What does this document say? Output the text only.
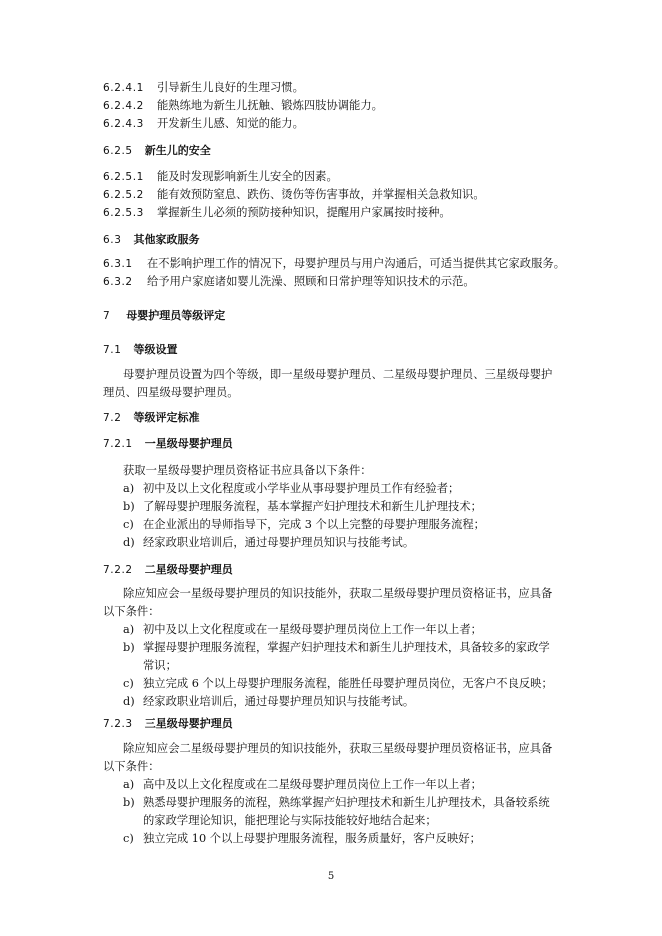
6.2.4.1 引导新生儿良好的生理习惯。
6.2.4.2 能熟练地为新生儿抚触、锻炼四肢协调能力。
6.2.4.3 开发新生儿感、知觉的能力。
6.2.5 新生儿的安全
6.2.5.1 能及时发现影响新生儿安全的因素。
6.2.5.2 能有效预防窒息、跌伤、烫伤等伤害事故，并掌握相关急救知识。
6.2.5.3 掌握新生儿必须的预防接种知识，提醒用户家属按时接种。
6.3 其他家政服务
6.3.1 在不影响护理工作的情况下，母婴护理员与用户沟通后，可适当提供其它家政服务。
6.3.2 给予用户家庭诸如婴儿洗澡、照顾和日常护理等知识技术的示范。
7 母婴护理员等级评定
7.1 等级设置
母婴护理员设置为四个等级，即一星级母婴护理员、二星级母婴护理员、三星级母婴护
理员、四星级母婴护理员。
7.2 等级评定标准
7.2.1 一星级母婴护理员
获取一星级母婴护理员资格证书应具备以下条件：
a) 初中及以上文化程度或小学毕业从事母婴护理员工作有经验者；
b) 了解母婴护理服务流程，基本掌握产妇护理技术和新生儿护理技术；
c) 在企业派出的导师指导下，完成 3 个以上完整的母婴护理服务流程；
d) 经家政职业培训后，通过母婴护理员知识与技能考试。
7.2.2 二星级母婴护理员
除应知应会一星级母婴护理员的知识技能外，获取二星级母婴护理员资格证书，应具备
以下条件：
a) 初中及以上文化程度或在一星级母婴护理员岗位上工作一年以上者；
b) 掌握母婴护理服务流程，掌握产妇护理技术和新生儿护理技术，具备较多的家政学
常识；
c) 独立完成 6 个以上母婴护理服务流程，能胜任母婴护理员岗位，无客户不良反映；
d) 经家政职业培训后，通过母婴护理员知识与技能考试。
7.2.3 三星级母婴护理员
除应知应会二星级母婴护理员的知识技能外，获取三星级母婴护理员资格证书，应具备
以下条件：
a) 高中及以上文化程度或在二星级母婴护理员岗位上工作一年以上者；
b) 熟悉母婴护理服务的流程，熟练掌握产妇护理技术和新生儿护理技术，具备较系统
的家政学理论知识，能把理论与实际技能较好地结合起来；
c) 独立完成 10 个以上母婴护理服务流程，服务质量好，客户反映好；
5
